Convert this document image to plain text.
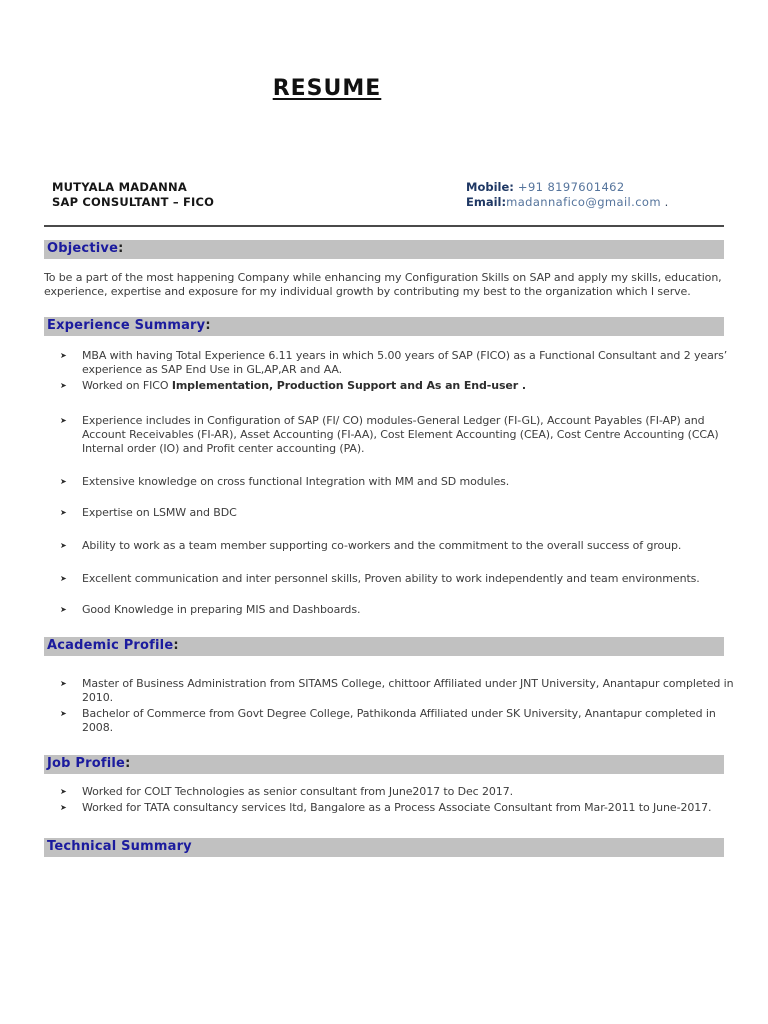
RESUME
MUTYALA MADANNA
SAP CONSULTANT – FICO
Mobile: +91 8197601462
Email:madannafico@gmail.com .
Objective:

To be a part of the most happening Company while enhancing my Configuration Skills on SAP and apply my skills, education, experience, expertise and exposure for my individual growth by contributing my best to the organization which I serve.

Experience Summary:
➤ MBA with having Total Experience 6.11 years in which 5.00 years of SAP (FICO) as a Functional Consultant and 2 years’ experience as SAP End Use in GL,AP,AR and AA.
➤ Worked on FICO Implementation, Production Support and As an End-user .
➤ Experience includes in Configuration of SAP (FI/ CO) modules-General Ledger (FI-GL), Account Payables (FI-AP) and Account Receivables (FI-AR), Asset Accounting (FI-AA), Cost Element Accounting (CEA), Cost Centre Accounting (CCA) Internal order (IO) and Profit center accounting (PA).
➤ Extensive knowledge on cross functional Integration with MM and SD modules.
➤ Expertise on LSMW and BDC
➤ Ability to work as a team member supporting co-workers and the commitment to the overall success of group.
➤ Excellent communication and inter personnel skills, Proven ability to work independently and team environments.
➤ Good Knowledge in preparing MIS and Dashboards.
Academic Profile:
➤ Master of Business Administration from SITAMS College, chittoor Affiliated under JNT University, Anantapur completed in 2010.
➤ Bachelor of Commerce from Govt Degree College, Pathikonda Affiliated under SK University, Anantapur completed in 2008.
Job Profile:
➤ Worked for COLT Technologies as senior consultant from June2017 to Dec 2017.
➤ Worked for TATA consultancy services ltd, Bangalore as a Process Associate Consultant from Mar-2011 to June-2017.
Technical Summary
